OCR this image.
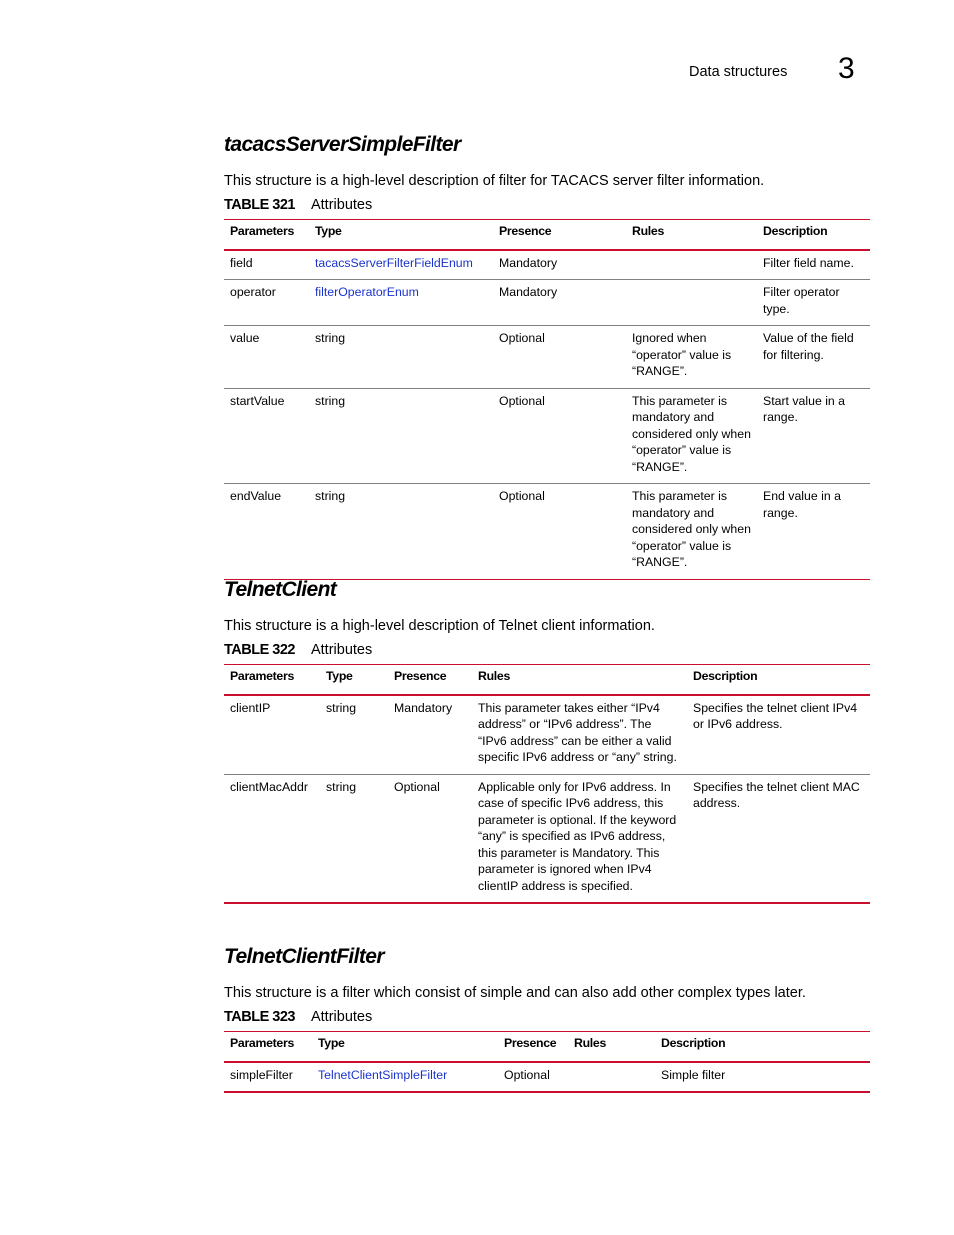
Data structures 3
tacacsServerSimpleFilter

This structure is a high-level description of filter for TACACS server filter information.

TABLE 321 Attributes
Parameters	Type	Presence	Rules	Description
field	tacacsServerFilterFieldEnum	Mandatory		Filter field name.
operator	filterOperatorEnum	Mandatory		Filter operator type.
value	string	Optional	Ignored when “operator” value is “RANGE”.	Value of the field for filtering.
startValue	string	Optional	This parameter is mandatory and considered only when “operator” value is “RANGE”.	Start value in a range.
endValue	string	Optional	This parameter is mandatory and considered only when “operator” value is “RANGE”.	End value in a range.
TelnetClient

This structure is a high-level description of Telnet client information.

TABLE 322 Attributes
Parameters	Type	Presence	Rules	Description
clientIP	string	Mandatory	This parameter takes either “IPv4 address” or “IPv6 address”. The “IPv6 address” can be either a valid specific IPv6 address or “any” string.	Specifies the telnet client IPv4 or IPv6 address.
clientMacAddr	string	Optional	Applicable only for IPv6 address. In case of specific IPv6 address, this parameter is optional. If the keyword “any” is specified as IPv6 address, this parameter is Mandatory. This parameter is ignored when IPv4 clientIP address is specified.	Specifies the telnet client MAC address.
TelnetClientFilter

This structure is a filter which consist of simple and can also add other complex types later.

TABLE 323 Attributes
Parameters	Type	Presence	Rules	Description
simpleFilter	TelnetClientSimpleFilter	Optional		Simple filter
